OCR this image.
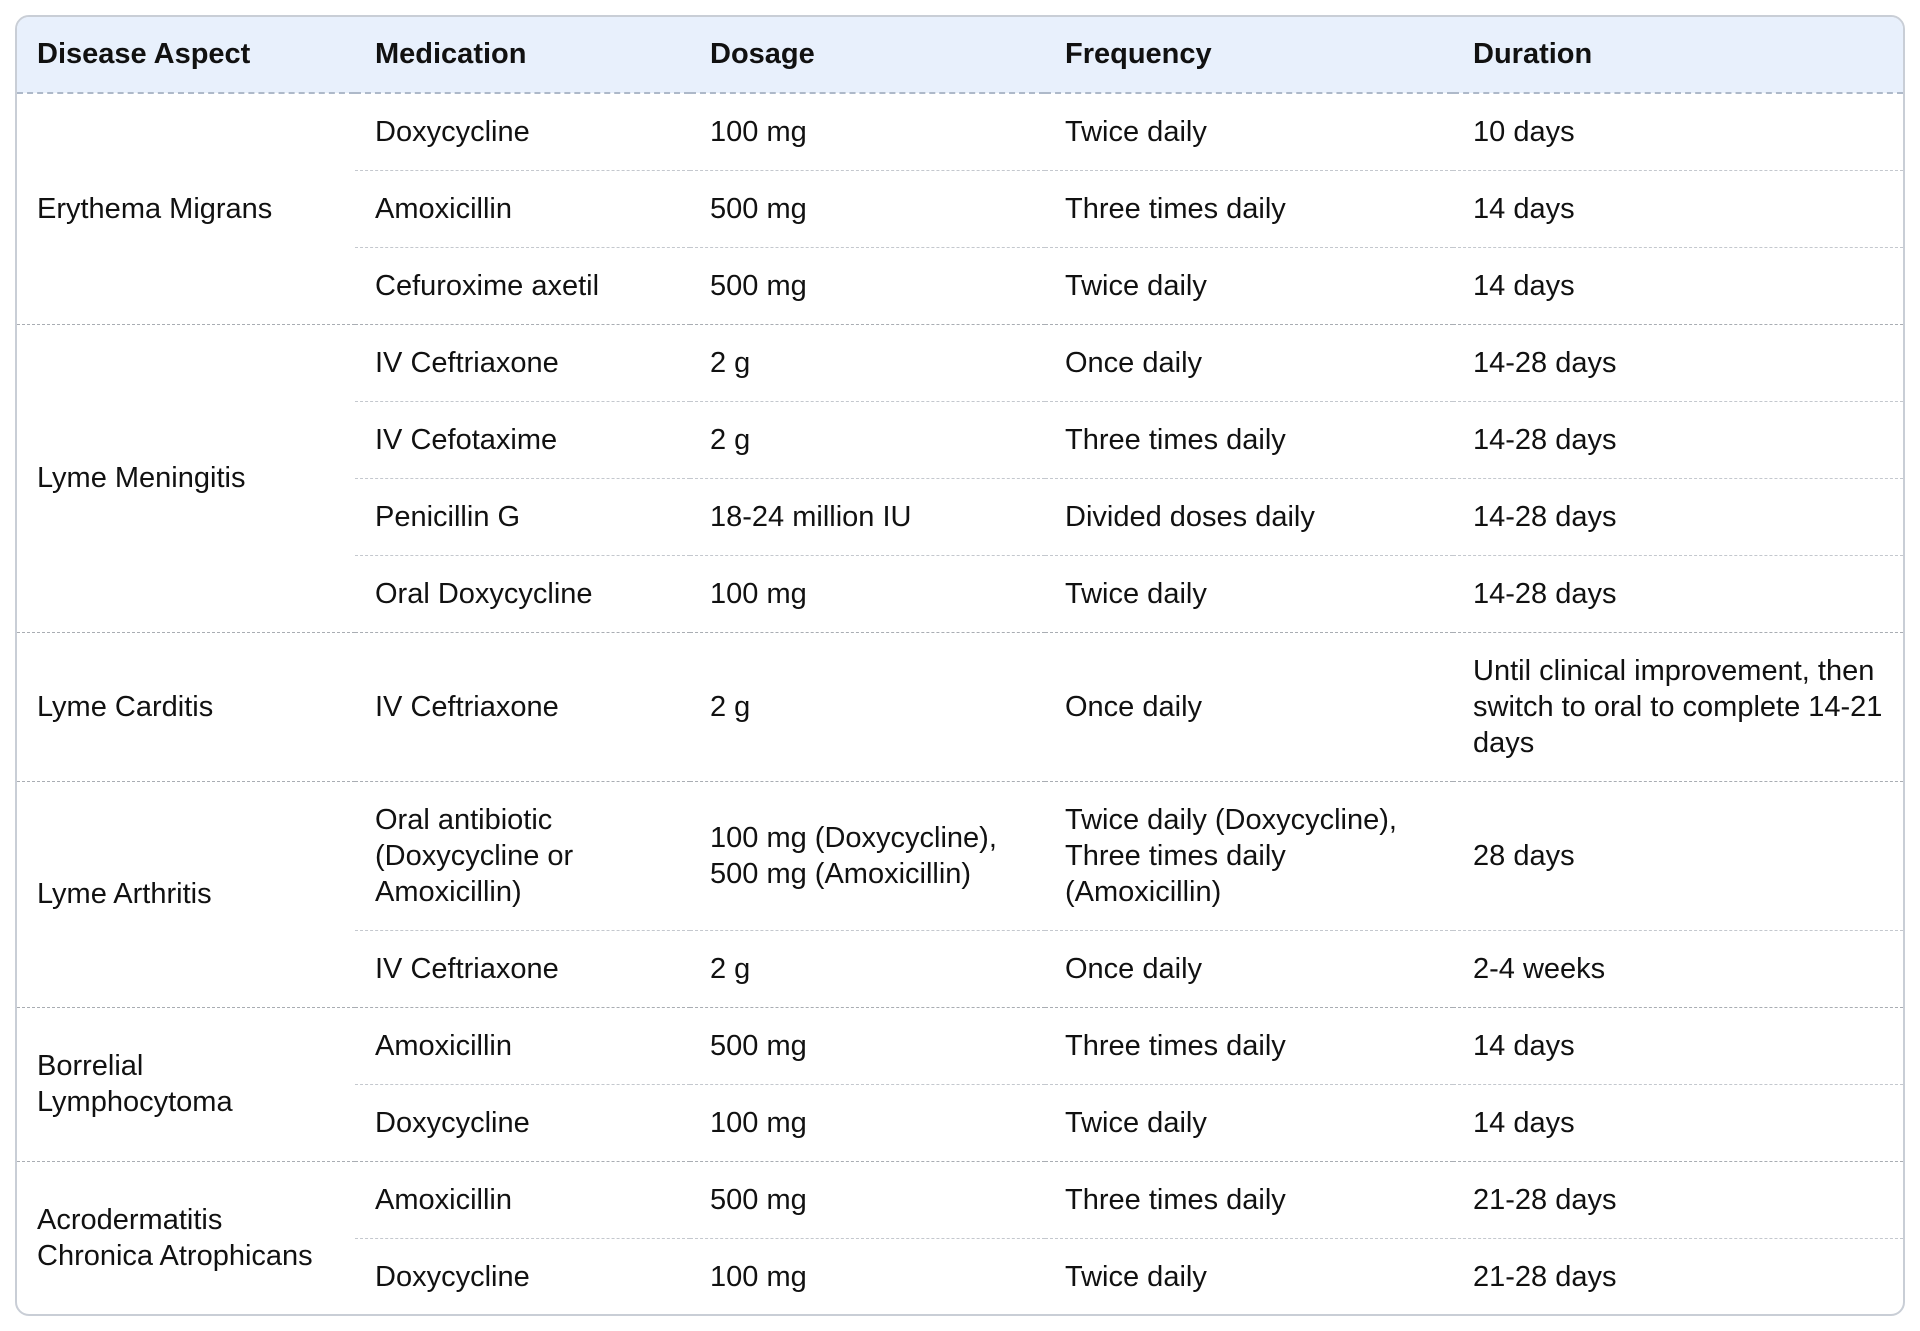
Disease Aspect	Medication	Dosage	Frequency	Duration
Erythema Migrans	Doxycycline	100 mg	Twice daily	10 days
	Amoxicillin	500 mg	Three times daily	14 days
	Cefuroxime axetil	500 mg	Twice daily	14 days
Lyme Meningitis	IV Ceftriaxone	2 g	Once daily	14-28 days
	IV Cefotaxime	2 g	Three times daily	14-28 days
	Penicillin G	18-24 million IU	Divided doses daily	14-28 days
	Oral Doxycycline	100 mg	Twice daily	14-28 days
Lyme Carditis	IV Ceftriaxone	2 g	Once daily	Until clinical improvement, then switch to oral to complete 14-21 days
Lyme Arthritis	Oral antibiotic (Doxycycline or Amoxicillin)	100 mg (Doxycycline), 500 mg (Amoxicillin)	Twice daily (Doxycycline), Three times daily (Amoxicillin)	28 days
	IV Ceftriaxone	2 g	Once daily	2-4 weeks
Borrelial Lymphocytoma	Amoxicillin	500 mg	Three times daily	14 days
	Doxycycline	100 mg	Twice daily	14 days
Acrodermatitis Chronica Atrophicans	Amoxicillin	500 mg	Three times daily	21-28 days
	Doxycycline	100 mg	Twice daily	21-28 days
